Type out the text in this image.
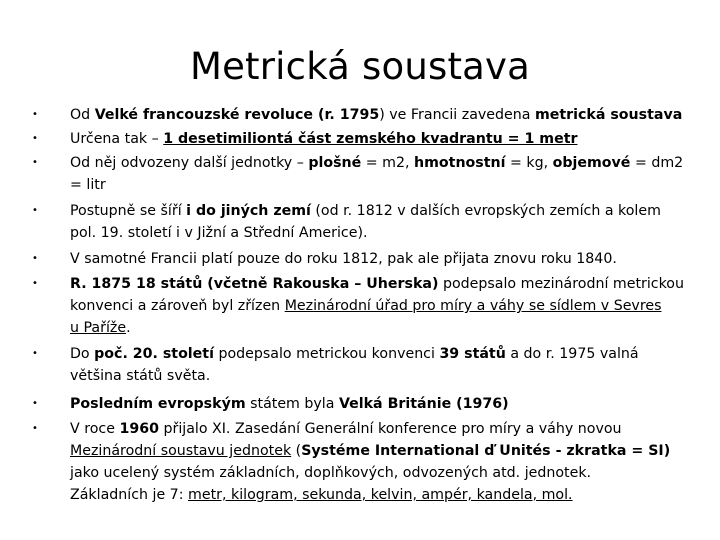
Metrická soustava
• Od Velké francouzské revoluce (r. 1795) ve Francii zavedena metrická soustava
• Určena tak – 1 desetimiliontá část zemského kvadrantu = 1 metr
• Od něj odvozeny další jednotky – plošné = m2, hmotnostní = kg, objemové = dm2
= litr
• Postupně se šíří i do jiných zemí (od r. 1812 v dalších evropských zemích a kolem
pol. 19. století i v Jižní a Střední Americe).
• V samotné Francii platí pouze do roku 1812, pak ale přijata znovu roku 1840.
• R. 1875 18 států (včetně Rakouska – Uherska) podepsalo mezinárodní metrickou
konvenci a zároveň byl zřízen Mezinárodní úřad pro míry a váhy se sídlem v Sevres
u Paříže.
• Do poč. 20. století podepsalo metrickou konvenci 39 států a do r. 1975 valná
většina států světa.
• Posledním evropským státem byla Velká Británie (1976)
• V roce 1960 přijalo XI. Zasedání Generální konference pro míry a váhy novou
Mezinárodní soustavu jednotek (Systéme International ď Unités - zkratka = SI)
jako ucelený systém základních, doplňkových, odvozených atd. jednotek.
Základních je 7: metr, kilogram, sekunda, kelvin, ampér, kandela, mol.
